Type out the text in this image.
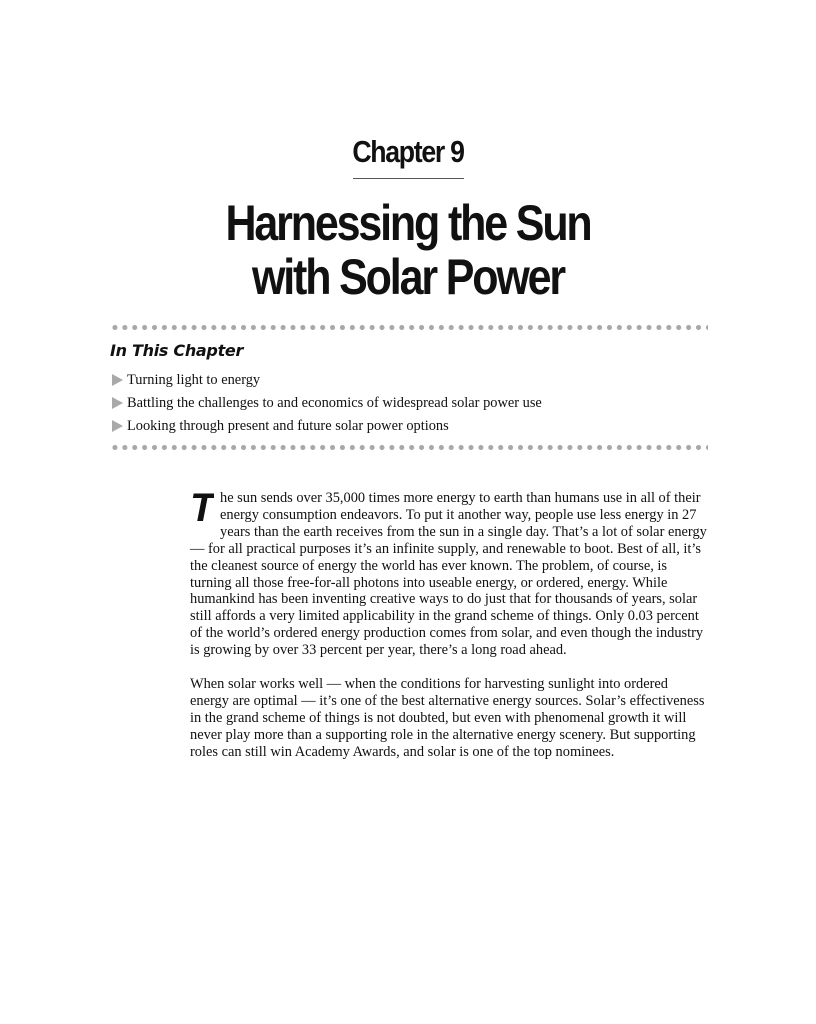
Chapter 9
Harnessing the Sun
with Solar Power
In This Chapter
Turning light to energy
Battling the challenges to and economics of widespread solar power use
Looking through present and future solar power options

T he sun sends over 35,000 times more energy to earth than humans use in all of their energy consumption endeavors. To put it another way, people use less energy in 27 years than the earth receives from the sun in a single day. That’s a lot of solar energy — for all practical purposes it’s an infinite supply, and renewable to boot. Best of all, it’s the cleanest source of energy the world has ever known. The problem, of course, is turning all those free-for-all photons into useable energy, or ordered, energy. While humankind has been inventing creative ways to do just that for thousands of years, solar still affords a very limited applicability in the grand scheme of things. Only 0.03 percent of the world’s ordered energy production comes from solar, and even though the industry is growing by over 33 percent per year, there’s a long road ahead.

When solar works well — when the conditions for harvesting sunlight into ordered energy are optimal — it’s one of the best alternative energy sources. Solar’s effectiveness in the grand scheme of things is not doubted, but even with phenomenal growth it will never play more than a supporting role in the alternative energy scenery. But supporting roles can still win Academy Awards, and solar is one of the top nominees.
